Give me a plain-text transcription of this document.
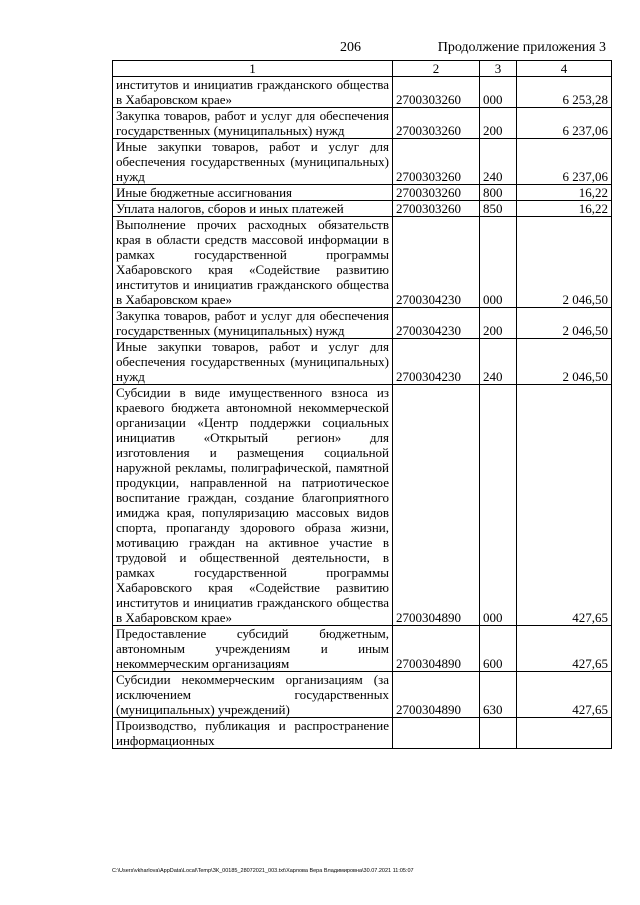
206	Продолжение приложения 3
1	2	3	4
институтов и инициатив гражданского общества в Хабаровском крае»	2700303260	000	6 253,28
Закупка товаров, работ и услуг для обеспечения государственных (муниципальных) нужд	2700303260	200	6 237,06
Иные закупки товаров, работ и услуг для обеспечения государственных (муниципальных) нужд	2700303260	240	6 237,06
Иные бюджетные ассигнования	2700303260	800	16,22
Уплата налогов, сборов и иных платежей	2700303260	850	16,22
Выполнение прочих расходных обязательств края в области средств массовой информации в рамках государственной программы Хабаровского края «Содействие развитию институтов и инициатив гражданского общества в Хабаровском крае»	2700304230	000	2 046,50
Закупка товаров, работ и услуг для обеспечения государственных (муниципальных) нужд	2700304230	200	2 046,50
Иные закупки товаров, работ и услуг для обеспечения государственных (муниципальных) нужд	2700304230	240	2 046,50
Субсидии в виде имущественного взноса из краевого бюджета автономной некоммерческой организации «Центр поддержки социальных инициатив «Открытый регион» для изготовления и размещения социальной наружной рекламы, полиграфической, памятной продукции, направленной на патриотическое воспитание граждан, создание благоприятного имиджа края, популяризацию массовых видов спорта, пропаганду здорового образа жизни, мотивацию граждан на активное участие в трудовой и общественной деятельности, в рамках государственной программы Хабаровского края «Содействие развитию институтов и инициатив гражданского общества в Хабаровском крае»	2700304890	000	427,65
Предоставление субсидий бюджетным, автономным учреждениям и иным некоммерческим организациям	2700304890	600	427,65
Субсидии некоммерческим организациям (за исключением государственных (муниципальных) учреждений)	2700304890	630	427,65
Производство, публикация и распространение информационных			
C:\Users\vkharlova\AppData\Local\Temp\ЗК_00185_28072021_003.txt\Харлова Вера Владимировна\30.07.2021 11:05:07
